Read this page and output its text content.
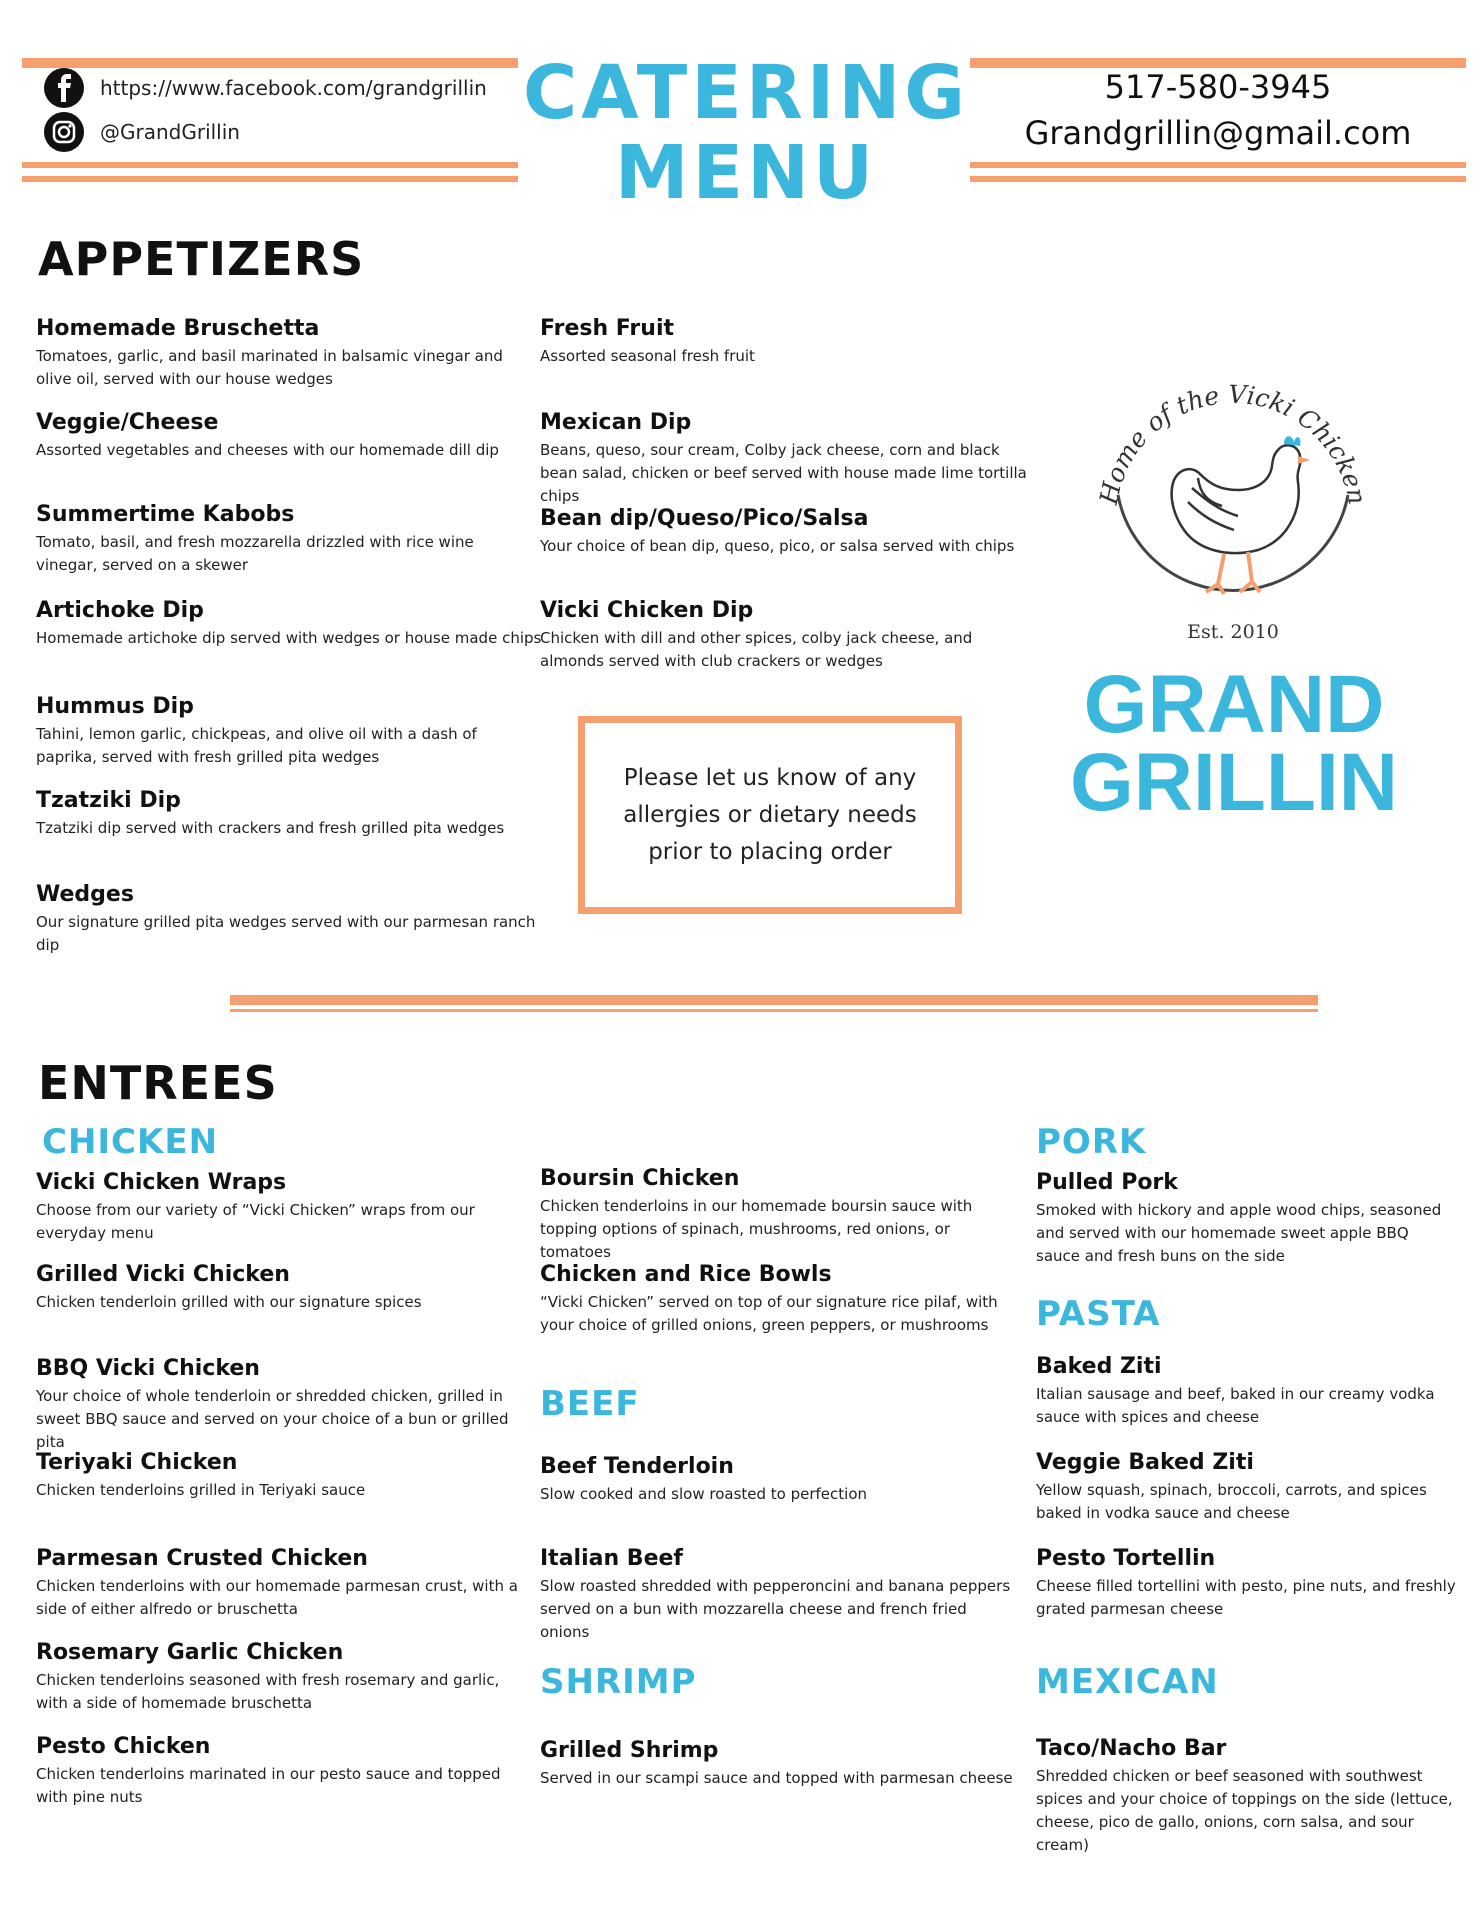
https://www.facebook.com/grandgrillin
@GrandGrillin	CATERING
MENU
517-580-3945
Grandgrillin@gmail.com
APPETIZERS
Homemade Bruschetta
Tomatoes, garlic, and basil marinated in balsamic vinegar and olive oil, served with our house wedges
Veggie/Cheese
Assorted vegetables and cheeses with our homemade dill dip
Summertime Kabobs
Tomato, basil, and fresh mozzarella drizzled with rice wine vinegar, served on a skewer
Artichoke Dip
Homemade artichoke dip served with wedges or house made chips
Hummus Dip
Tahini, lemon garlic, chickpeas, and olive oil with a dash of paprika, served with fresh grilled pita wedges
Tzatziki Dip
Tzatziki dip served with crackers and fresh grilled pita wedges
Wedges
Our signature grilled pita wedges served with our parmesan ranch dip
Fresh Fruit
Assorted seasonal fresh fruit
Mexican Dip
Beans, queso, sour cream, Colby jack cheese, corn and black bean salad, chicken or beef served with house made lime tortilla chips
Bean dip/Queso/Pico/Salsa
Your choice of bean dip, queso, pico, or salsa served with chips
Vicki Chicken Dip
Chicken with dill and other spices, colby jack cheese, and almonds served with club crackers or wedges
Please let us know of any allergies or dietary needs prior to placing order
Home of the Vicki Chicken
Est. 2010
GRAND
GRILLIN
ENTREES
CHICKEN
Vicki Chicken Wraps
Choose from our variety of “Vicki Chicken” wraps from our everyday menu
Grilled Vicki Chicken
Chicken tenderloin grilled with our signature spices
BBQ Vicki Chicken
Your choice of whole tenderloin or shredded chicken, grilled in sweet BBQ sauce and served on your choice of a bun or grilled pita
Teriyaki Chicken
Chicken tenderloins grilled in Teriyaki sauce
Parmesan Crusted Chicken
Chicken tenderloins with our homemade parmesan crust, with a side of either alfredo or bruschetta
Rosemary Garlic Chicken
Chicken tenderloins seasoned with fresh rosemary and garlic, with a side of homemade bruschetta
Pesto Chicken
Chicken tenderloins marinated in our pesto sauce and topped with pine nuts
Boursin Chicken
Chicken tenderloins in our homemade boursin sauce with topping options of spinach, mushrooms, red onions, or tomatoes
Chicken and Rice Bowls
“Vicki Chicken” served on top of our signature rice pilaf, with your choice of grilled onions, green peppers, or mushrooms
BEEF
Beef Tenderloin
Slow cooked and slow roasted to perfection
Italian Beef
Slow roasted shredded with pepperoncini and banana peppers served on a bun with mozzarella cheese and french fried onions
SHRIMP
Grilled Shrimp
Served in our scampi sauce and topped with parmesan cheese
PORK
Pulled Pork
Smoked with hickory and apple wood chips, seasoned and served with our homemade sweet apple BBQ sauce and fresh buns on the side
PASTA
Baked Ziti
Italian sausage and beef, baked in our creamy vodka sauce with spices and cheese
Veggie Baked Ziti
Yellow squash, spinach, broccoli, carrots, and spices baked in vodka sauce and cheese
Pesto Tortellin
Cheese filled tortellini with pesto, pine nuts, and freshly grated parmesan cheese
MEXICAN
Taco/Nacho Bar
Shredded chicken or beef seasoned with southwest spices and your choice of toppings on the side (lettuce, cheese, pico de gallo, onions, corn salsa, and sour cream)
